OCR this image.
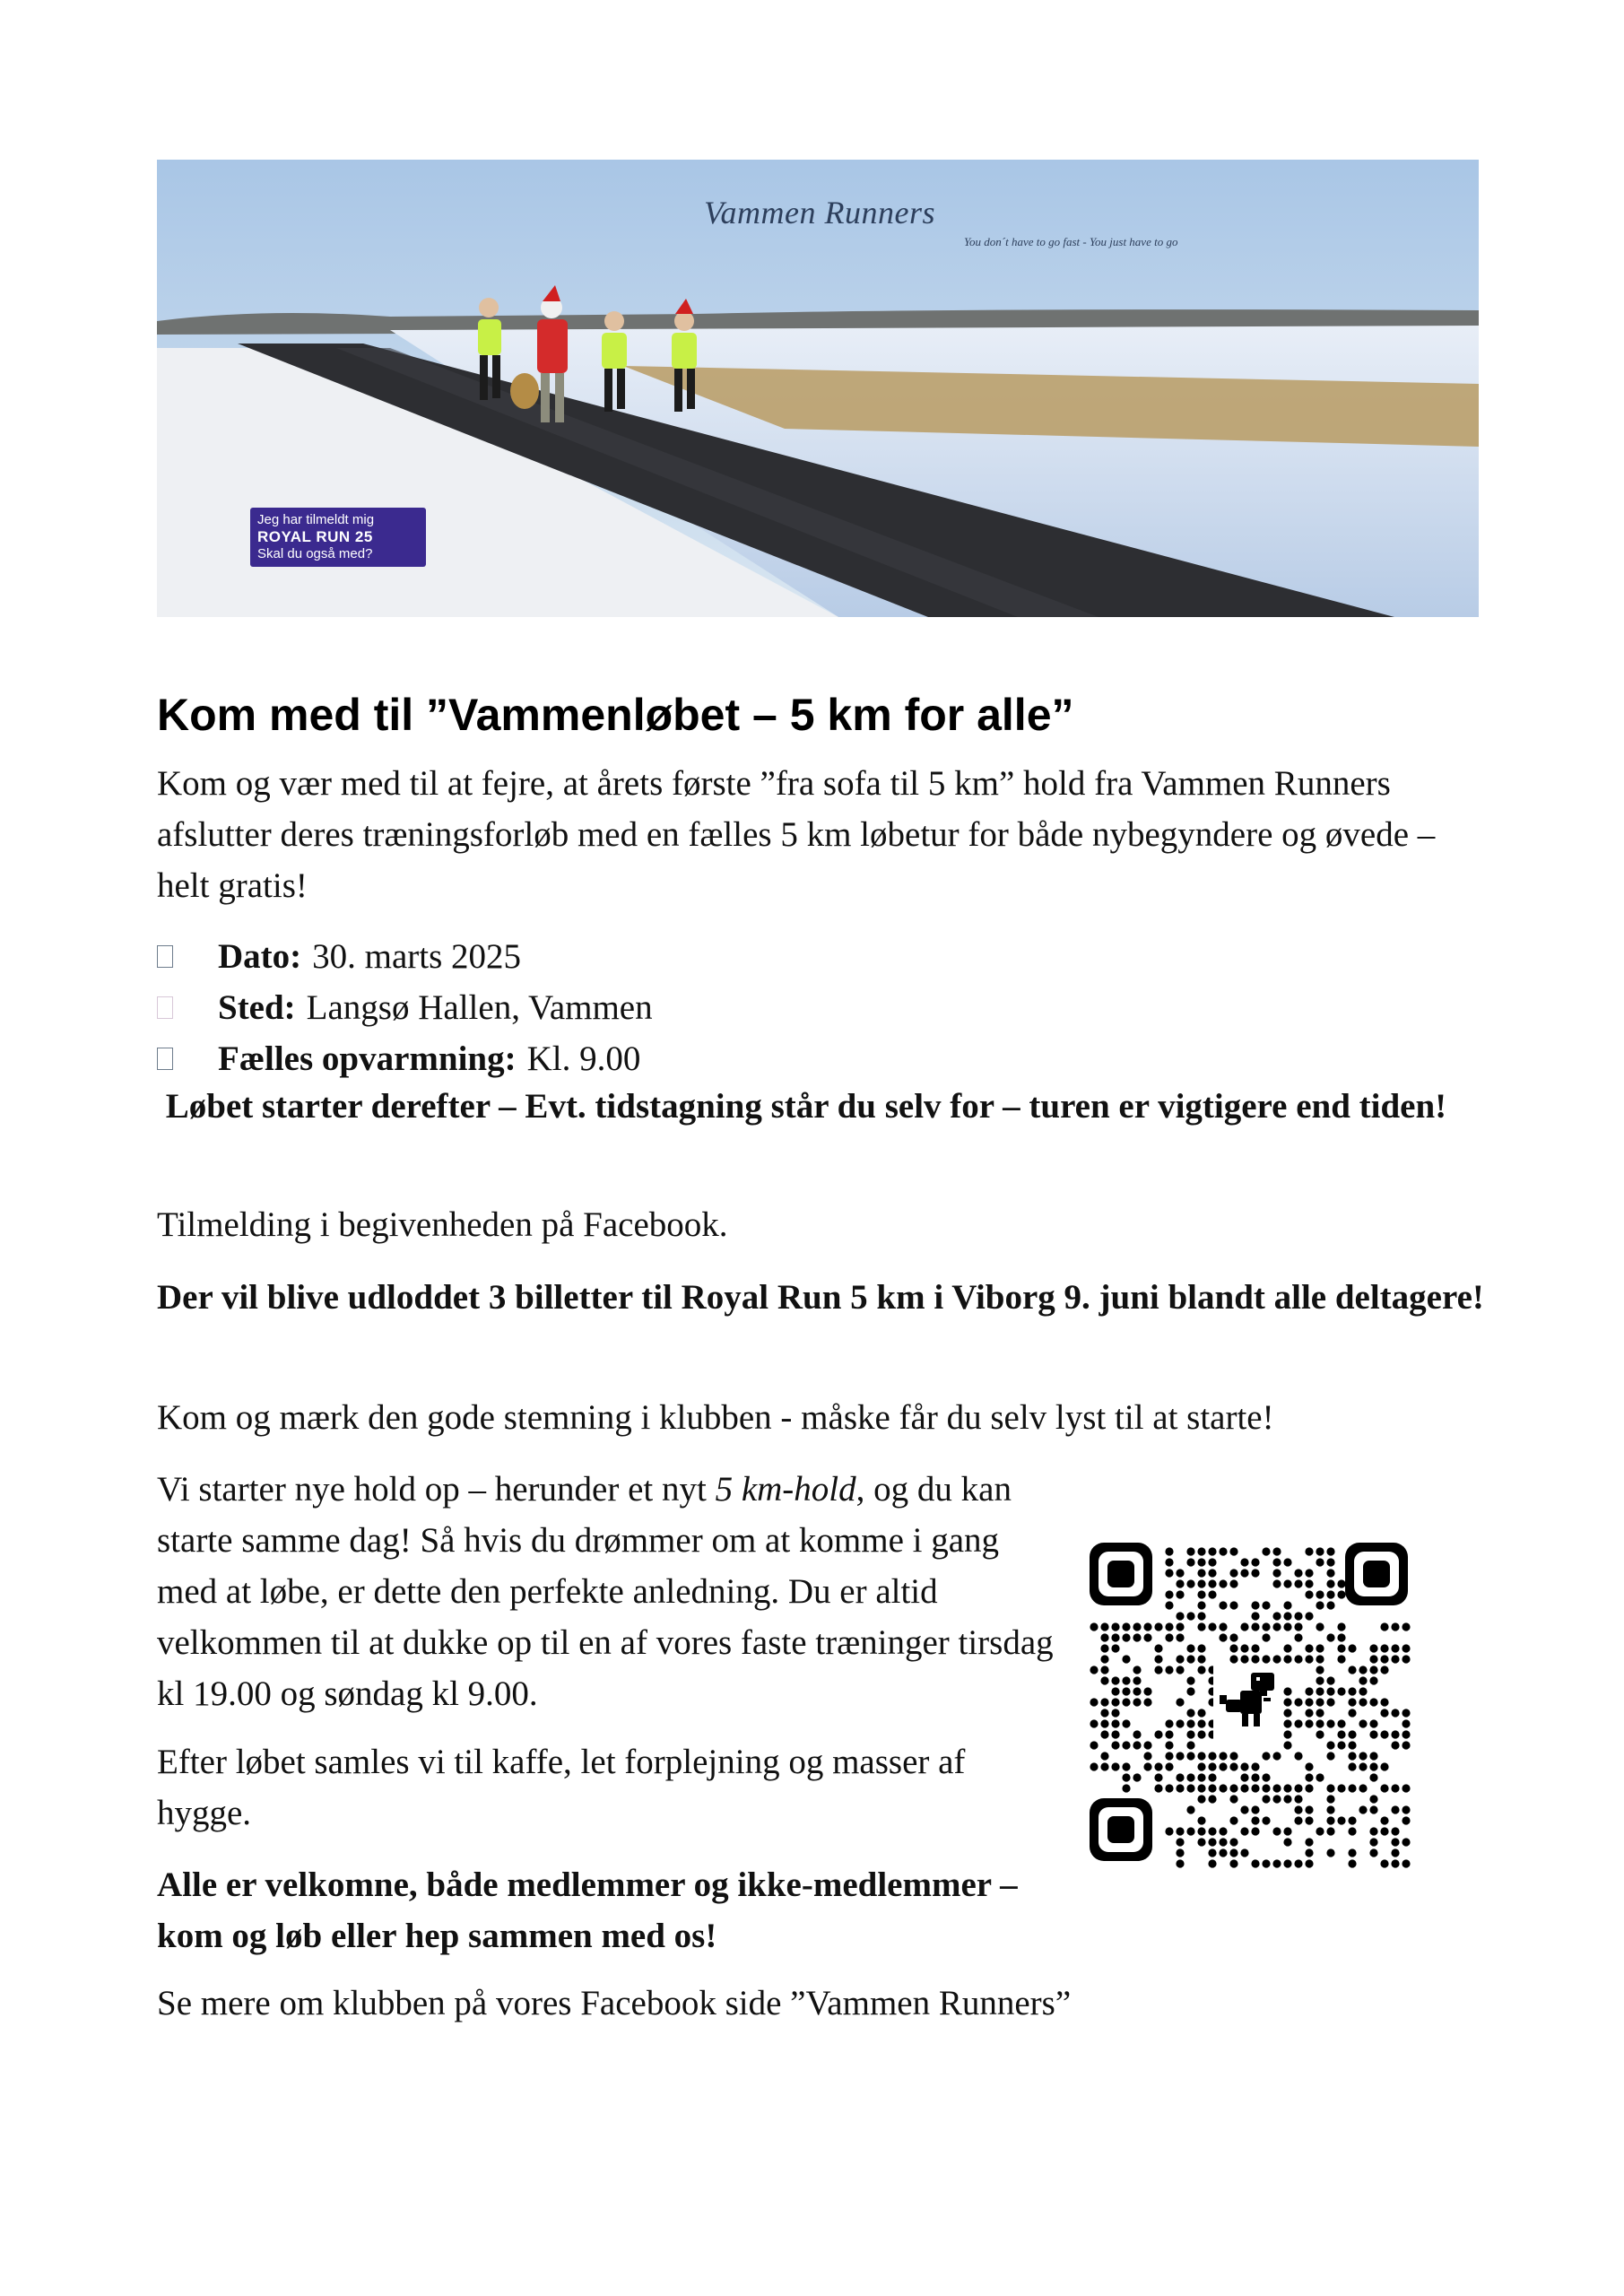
Vammen Runners
You don´t have to go fast - You just have to go
Jeg har tilmeldt mig
ROYAL RUN 25
Skal du også med?
Kom med til ”Vammenløbet – 5 km for alle”

Kom og vær med til at fejre, at årets første ”fra sofa til 5 km” hold fra Vammen Runners afslutter deres træningsforløb med en fælles 5 km løbetur for både nybegyndere og øvede – helt gratis!

Dato: 30. marts 2025
Sted: Langsø Hallen, Vammen
Fælles opvarmning: Kl. 9.00

Løbet starter derefter – Evt. tidstagning står du selv for – turen er vigtigere end tiden!

Tilmelding i begivenheden på Facebook.

Der vil blive udloddet 3 billetter til Royal Run 5 km i Viborg 9. juni blandt alle deltagere!

Kom og mærk den gode stemning i klubben - måske får du selv lyst til at starte!

Vi starter nye hold op – herunder et nyt 5 km-hold, og du kan starte samme dag! Så hvis du drømmer om at komme i gang med at løbe, er dette den perfekte anledning. Du er altid velkommen til at dukke op til en af vores faste træninger tirsdag kl 19.00 og søndag kl 9.00.

Efter løbet samles vi til kaffe, let forplejning og masser af hygge.

Alle er velkomne, både medlemmer og ikke-medlemmer – kom og løb eller hep sammen med os!

Se mere om klubben på vores Facebook side ”Vammen Runners”
